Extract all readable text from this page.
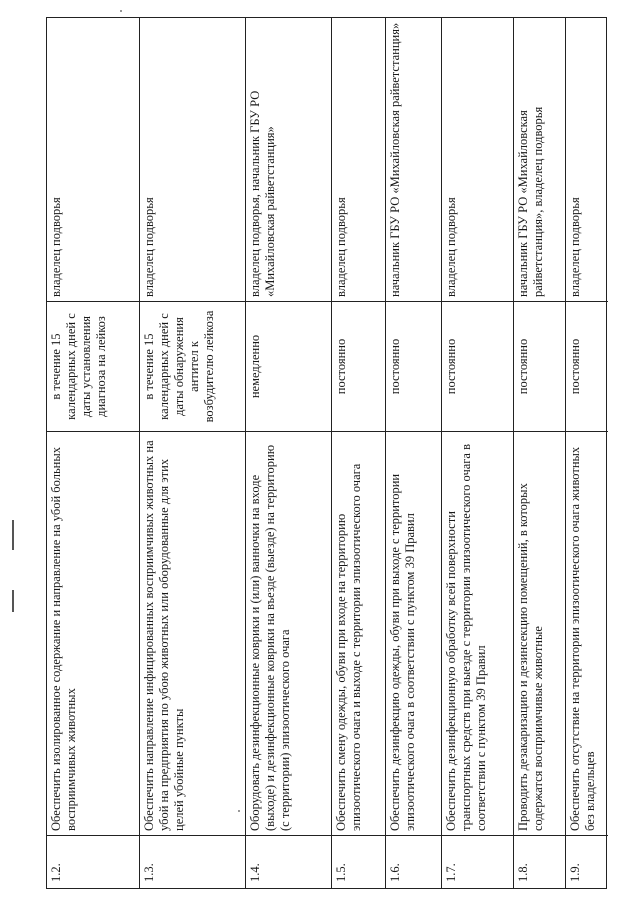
1.2.
Обеспечить изолированное содержание и направление на убой больных восприимчивых животных
в течение 15 календарных дней с даты установления диагноза на лейкоз
владелец подворья
1.3.
Обеспечить направление инфицированных восприимчивых животных на убой на предприятия по убою животных или оборудованные для этих целей убойные пункты
в течение 15 календарных дней с даты обнаружения антител к возбудителю лейкоза
владелец подворья
1.4.
Оборудовать дезинфекционные коврики и (или) ванночки на входе (выходе) и дезинфекционные коврики на въезде (выезде) на территорию (с территории) эпизоотического очага
немедленно
владелец подворья, начальник ГБУ РО «Михайловская райветстанция»
1.5.
Обеспечить смену одежды, обуви при входе на территорию эпизоотического очага и выходе с территории эпизоотического очага
постоянно
владелец подворья
1.6.
Обеспечить дезинфекцию одежды, обуви при выходе с территории эпизоотического очага в соответствии с пунктом 39 Правил
постоянно
начальник ГБУ РО «Михайловская райветстанция»
1.7.
Обеспечить дезинфекционную обработку всей поверхности транспортных средств при выезде с территории эпизоотического очага в соответствии с пунктом 39 Правил
постоянно
владелец подворья
1.8.
Проводить дезакаризацию и дезинсекцию помещений, в которых содержатся восприимчивые животные
постоянно
начальник ГБУ РО «Михайловская райветстанция», владелец подворья
1.9.
Обеспечить отсутствие на территории эпизоотического очага животных без владельцев
постоянно
владелец подворья
